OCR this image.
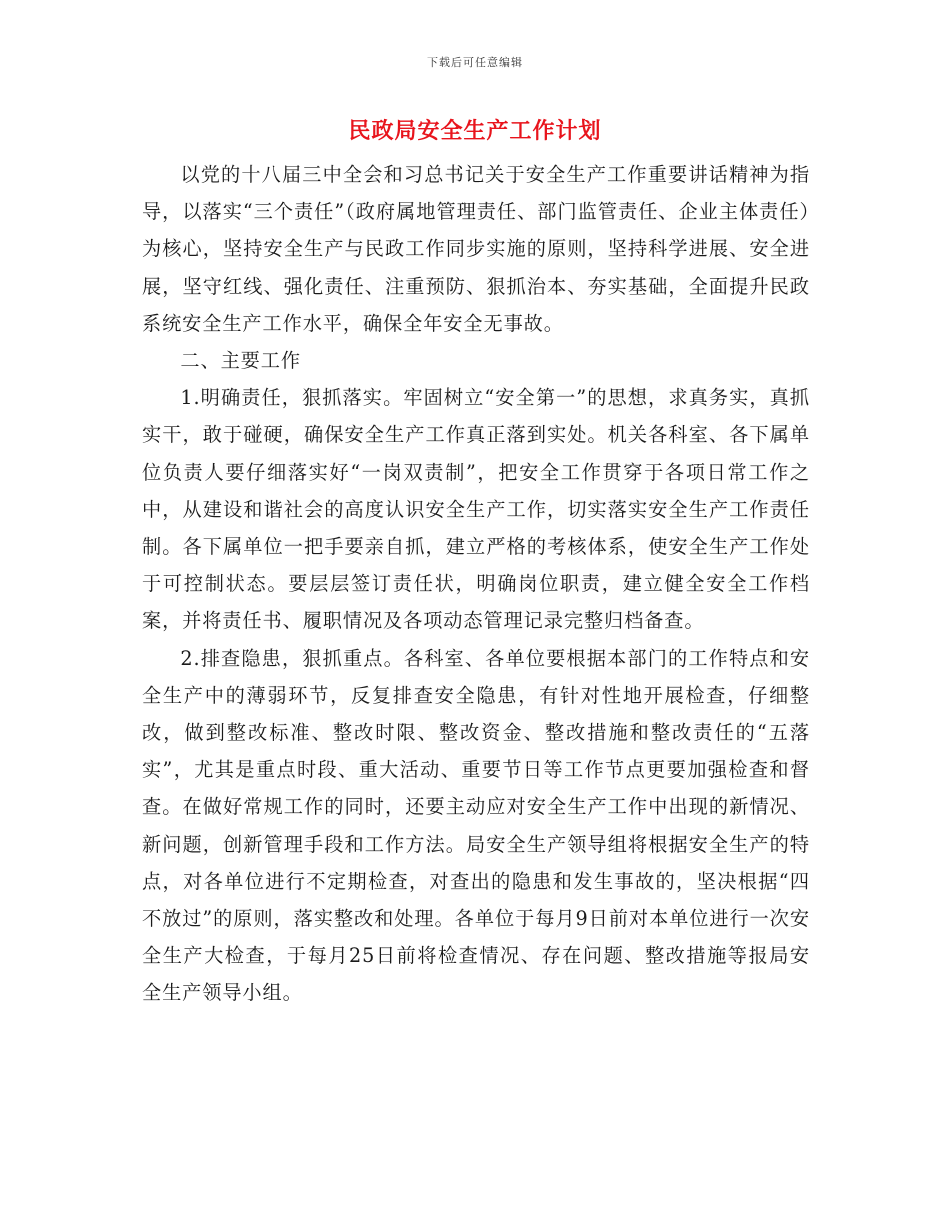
下载后可任意编辑
民政局安全生产工作计划

以党的十八届三中全会和习总书记关于安全生产工作重要讲话精神为指导，以落实“三个责任”（政府属地管理责任、部门监管责任、企业主体责任）为核心，坚持安全生产与民政工作同步实施的原则，坚持科学进展、安全进展，坚守红线、强化责任、注重预防、狠抓治本、夯实基础，全面提升民政系统安全生产工作水平，确保全年安全无事故。

二、主要工作

1.明确责任，狠抓落实。牢固树立“安全第一”的思想，求真务实，真抓实干，敢于碰硬，确保安全生产工作真正落到实处。机关各科室、各下属单位负责人要仔细落实好“一岗双责制”，把安全工作贯穿于各项日常工作之中，从建设和谐社会的高度认识安全生产工作，切实落实安全生产工作责任制。各下属单位一把手要亲自抓，建立严格的考核体系，使安全生产工作处于可控制状态。要层层签订责任状，明确岗位职责，建立健全安全工作档案，并将责任书、履职情况及各项动态管理记录完整归档备查。

2.排查隐患，狠抓重点。各科室、各单位要根据本部门的工作特点和安全生产中的薄弱环节，反复排查安全隐患，有针对性地开展检查，仔细整改，做到整改标准、整改时限、整改资金、整改措施和整改责任的“五落实”，尤其是重点时段、重大活动、重要节日等工作节点更要加强检查和督查。在做好常规工作的同时，还要主动应对安全生产工作中出现的新情况、新问题，创新管理手段和工作方法。局安全生产领导组将根据安全生产的特点，对各单位进行不定期检查，对查出的隐患和发生事故的，坚决根据“四不放过”的原则，落实整改和处理。各单位于每月9日前对本单位进行一次安全生产大检查，于每月25日前将检查情况、存在问题、整改措施等报局安全生产领导小组。
